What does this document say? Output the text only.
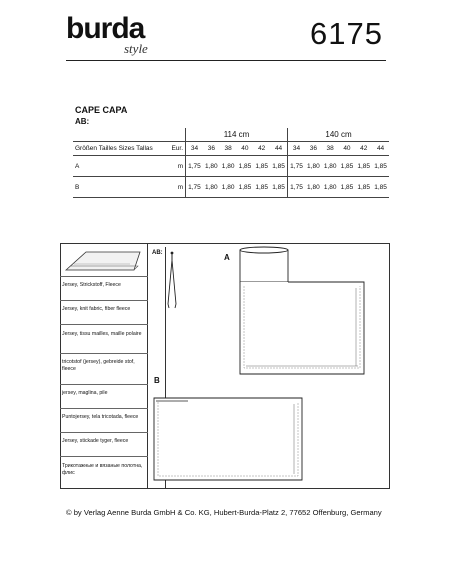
burda
style	6175
CAPE CAPA
AB:
		114 cm						140 cm					
Größen Tailles Sizes Tallas	Eur.	34	36	38	40	42	44	34	36	38	40	42	44
A	m	1,75	1,80	1,80	1,85	1,85	1,85	1,75	1,80	1,80	1,85	1,85	1,85
B	m	1,75	1,80	1,80	1,85	1,85	1,85	1,75	1,80	1,80	1,85	1,85	1,85
Jersey, Strickstoff, Fleece
Jersey, knit fabric, fiber fleece
Jersey, tissu mailles, maille polaire
tricotstof (jersey), gebreide stof, fleece
jersey, maglina, pile
Puntojersey, tela tricotada, fleece
Jersey, stickade tyger, fleece
Трикотажные и вязаные полотна, флис
AB:	A
B
© by Verlag Aenne Burda GmbH & Co. KG, Hubert-Burda-Platz 2, 77652 Offenburg, Germany
